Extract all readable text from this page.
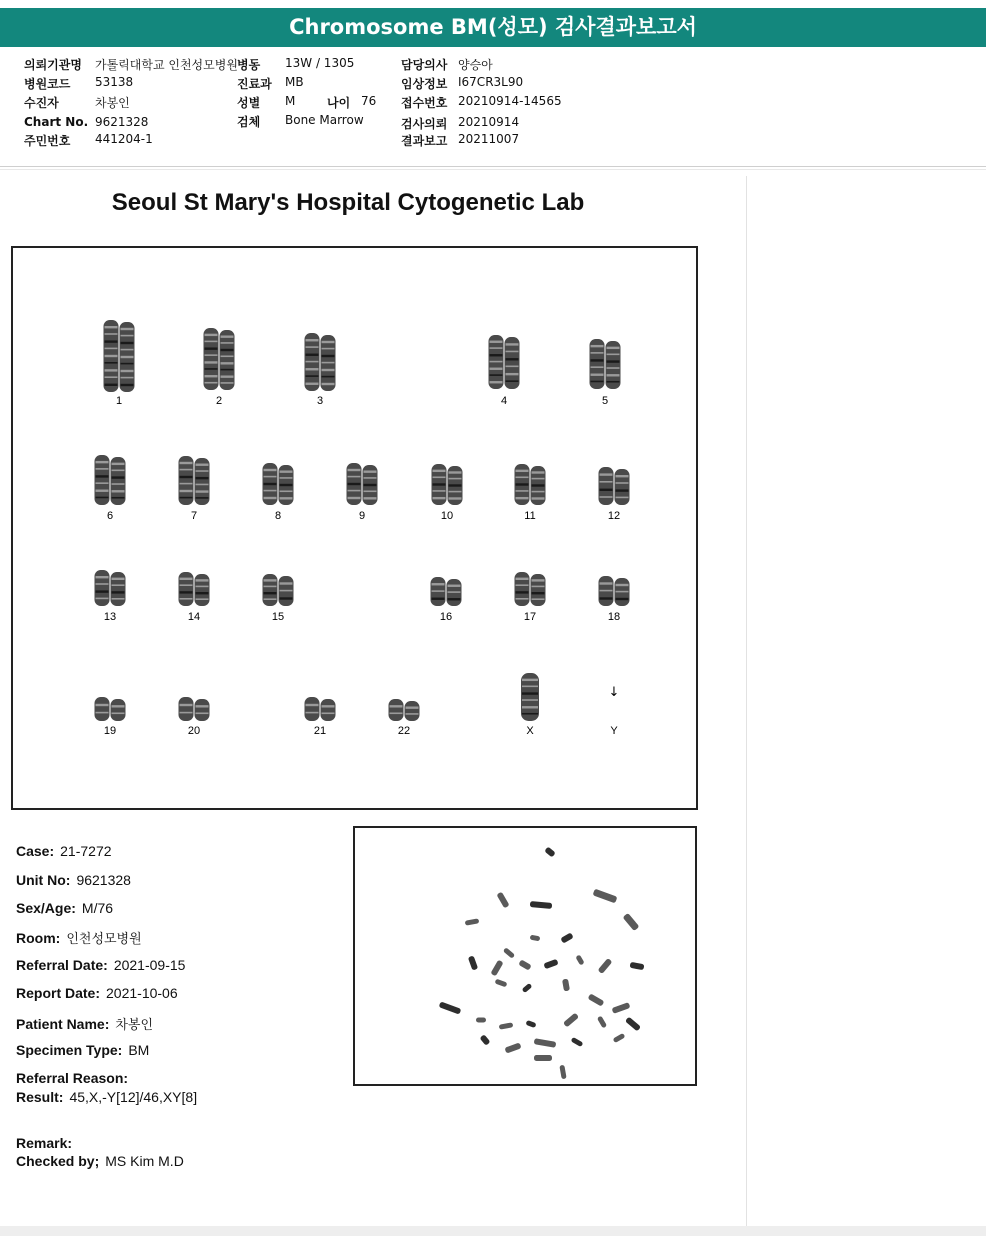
Chromosome BM(성모) 검사결과보고서
의뢰기관명 가톨릭대학교 인천성모병원 병동 13W / 1305	담당의사 양승아
병원코드 53138	진료과 MB	임상정보 I67CR3L90
수진자	차봉인	성별 M	나이 76 접수번호 20210914-14565
Chart No. 9621328	검체 Bone Marrow	검사의뢰 20210914
주민번호 441204-1	결과보고 20211007
Seoul St Mary's Hospital Cytogenetic Lab
1	2	3	4	5
6	7	8	9	10	11	12
13	14	15	16	17	18
19	20	21	22	X
↓
Y
Case: 21-7272
Unit No: 9621328
Sex/Age: M/76
Room: 인천성모병원
Referral Date: 2021-09-15
Report Date: 2021-10-06
Patient Name: 차봉인
Specimen Type: BM
Referral Reason:
Result: 45,X,-Y[12]/46,XY[8]
Remark:
Checked by; MS Kim M.D
